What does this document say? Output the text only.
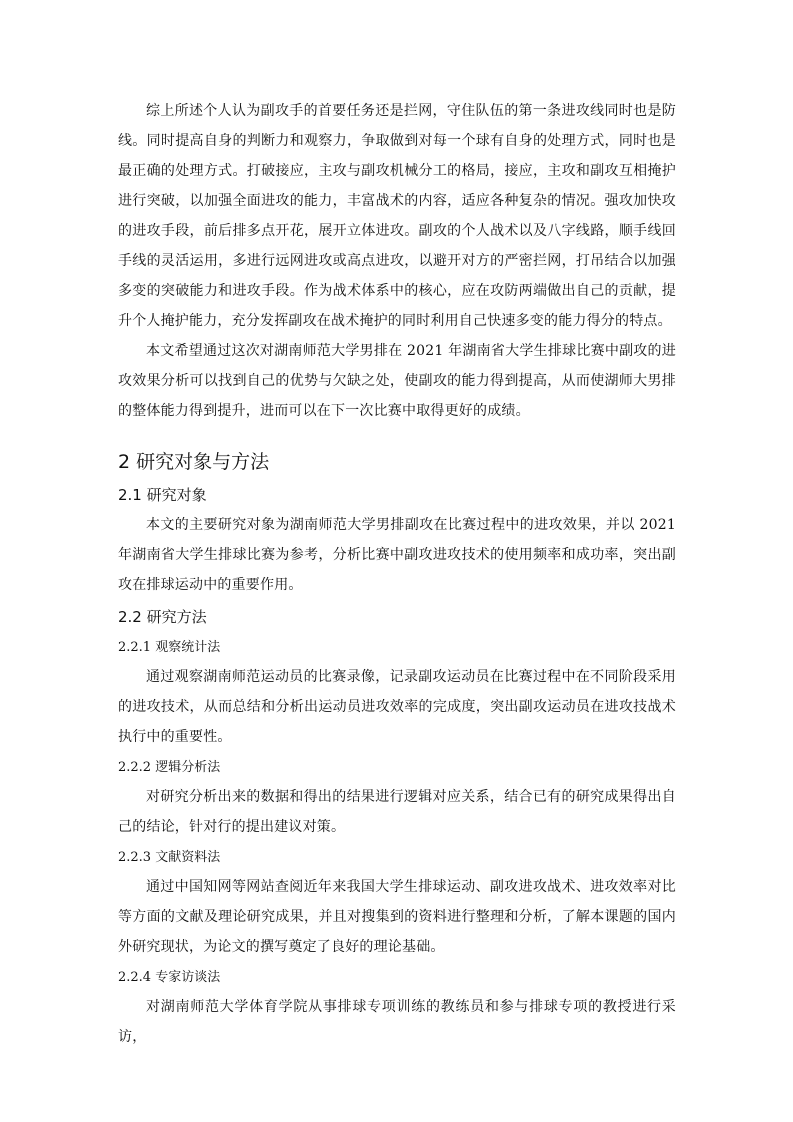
综上所述个人认为副攻手的首要任务还是拦网，守住队伍的第一条进攻线同时也是防线。同时提高自身的判断力和观察力，争取做到对每一个球有自身的处理方式，同时也是最正确的处理方式。打破接应，主攻与副攻机械分工的格局，接应，主攻和副攻互相掩护进行突破，以加强全面进攻的能力，丰富战术的内容，适应各种复杂的情况。强攻加快攻的进攻手段，前后排多点开花，展开立体进攻。副攻的个人战术以及八字线路，顺手线回手线的灵活运用，多进行远网进攻或高点进攻，以避开对方的严密拦网，打吊结合以加强多变的突破能力和进攻手段。作为战术体系中的核心，应在攻防两端做出自己的贡献，提升个人掩护能力，充分发挥副攻在战术掩护的同时利用自己快速多变的能力得分的特点。

本文希望通过这次对湖南师范大学男排在 2021 年湖南省大学生排球比赛中副攻的进攻效果分析可以找到自己的优势与欠缺之处，使副攻的能力得到提高，从而使湖师大男排的整体能力得到提升，进而可以在下一次比赛中取得更好的成绩。

2 研究对象与方法
2.1 研究对象

本文的主要研究对象为湖南师范大学男排副攻在比赛过程中的进攻效果，并以 2021 年湖南省大学生排球比赛为参考，分析比赛中副攻进攻技术的使用频率和成功率，突出副攻在排球运动中的重要作用。

2.2 研究方法
2.2.1 观察统计法

通过观察湖南师范运动员的比赛录像，记录副攻运动员在比赛过程中在不同阶段采用的进攻技术，从而总结和分析出运动员进攻效率的完成度，突出副攻运动员在进攻技战术执行中的重要性。

2.2.2 逻辑分析法

对研究分析出来的数据和得出的结果进行逻辑对应关系，结合已有的研究成果得出自己的结论，针对行的提出建议对策。

2.2.3 文献资料法

通过中国知网等网站查阅近年来我国大学生排球运动、副攻进攻战术、进攻效率对比等方面的文献及理论研究成果，并且对搜集到的资料进行整理和分析，了解本课题的国内外研究现状，为论文的撰写奠定了良好的理论基础。

2.2.4 专家访谈法

对湖南师范大学体育学院从事排球专项训练的教练员和参与排球专项的教授进行采访，
